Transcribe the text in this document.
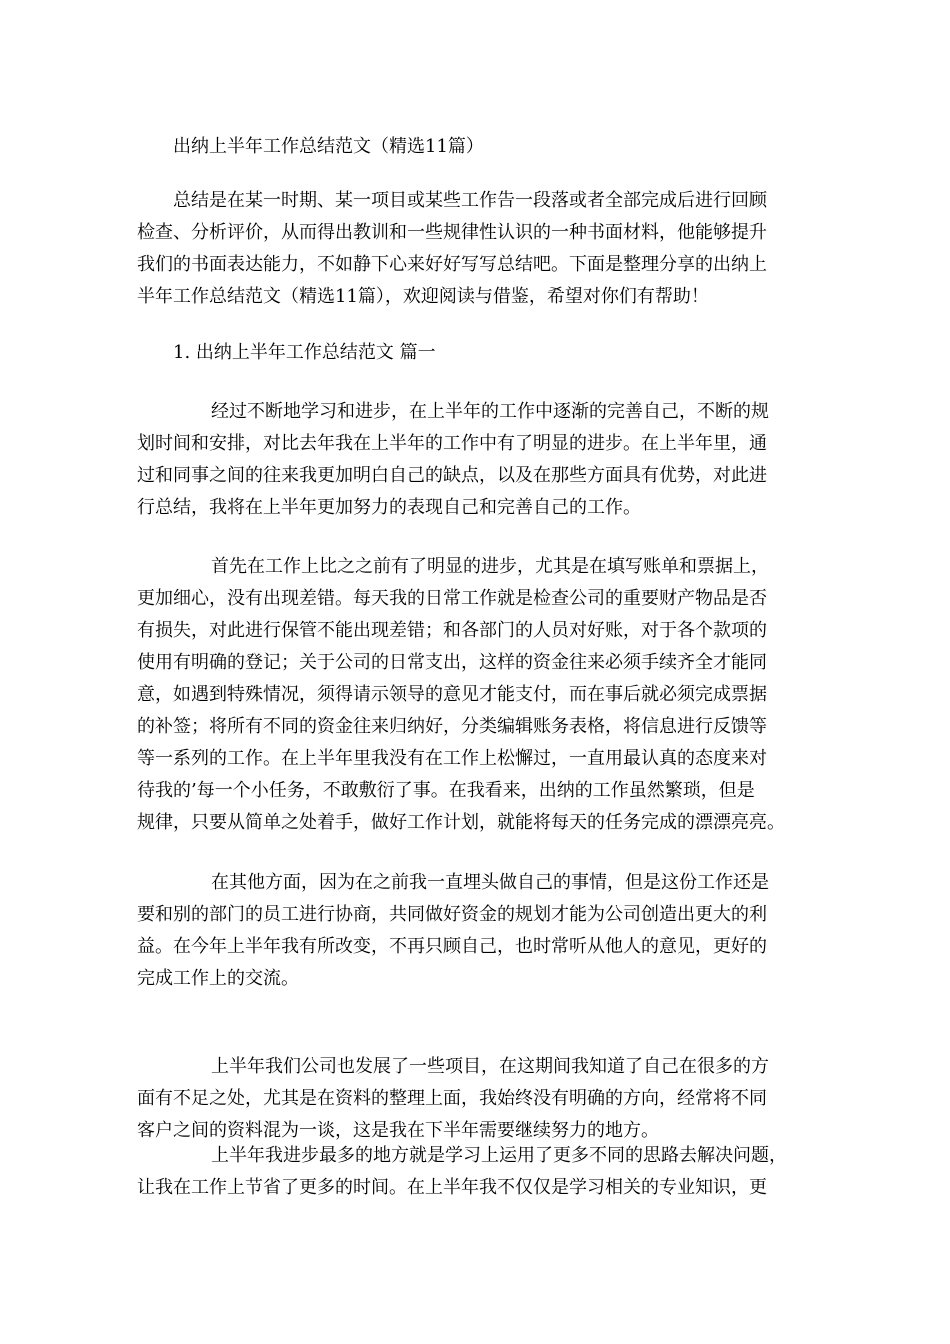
出纳上半年工作总结范文（精选11篇）
总结是在某一时期、某一项目或某些工作告一段落或者全部完成后进行回顾
检查、分析评价，从而得出教训和一些规律性认识的一种书面材料，他能够提升
我们的书面表达能力，不如静下心来好好写写总结吧。下面是整理分享的出纳上
半年工作总结范文（精选11篇），欢迎阅读与借鉴，希望对你们有帮助！
1. 出纳上半年工作总结范文 篇一
经过不断地学习和进步，在上半年的工作中逐渐的完善自己，不断的规
划时间和安排，对比去年我在上半年的工作中有了明显的进步。在上半年里，通
过和同事之间的往来我更加明白自己的缺点，以及在那些方面具有优势，对此进
行总结，我将在上半年更加努力的表现自己和完善自己的工作。
首先在工作上比之之前有了明显的进步，尤其是在填写账单和票据上，
更加细心，没有出现差错。每天我的日常工作就是检查公司的重要财产物品是否
有损失，对此进行保管不能出现差错；和各部门的人员对好账，对于各个款项的
使用有明确的登记；关于公司的日常支出，这样的资金往来必须手续齐全才能同
意，如遇到特殊情况，须得请示领导的意见才能支付，而在事后就必须完成票据
的补签；将所有不同的资金往来归纳好，分类编辑账务表格，将信息进行反馈等
等一系列的工作。在上半年里我没有在工作上松懈过，一直用最认真的态度来对
待我的’每一个小任务，不敢敷衍了事。在我看来，出纳的工作虽然繁琐，但是
规律，只要从简单之处着手，做好工作计划，就能将每天的任务完成的漂漂亮亮。
在其他方面，因为在之前我一直埋头做自己的事情，但是这份工作还是
要和别的部门的员工进行协商，共同做好资金的规划才能为公司创造出更大的利
益。在今年上半年我有所改变，不再只顾自己，也时常听从他人的意见，更好的
完成工作上的交流。
上半年我们公司也发展了一些项目，在这期间我知道了自己在很多的方
面有不足之处，尤其是在资料的整理上面，我始终没有明确的方向，经常将不同
客户之间的资料混为一谈，这是我在下半年需要继续努力的地方。
上半年我进步最多的地方就是学习上运用了更多不同的思路去解决问题，
让我在工作上节省了更多的时间。在上半年我不仅仅是学习相关的专业知识，更
